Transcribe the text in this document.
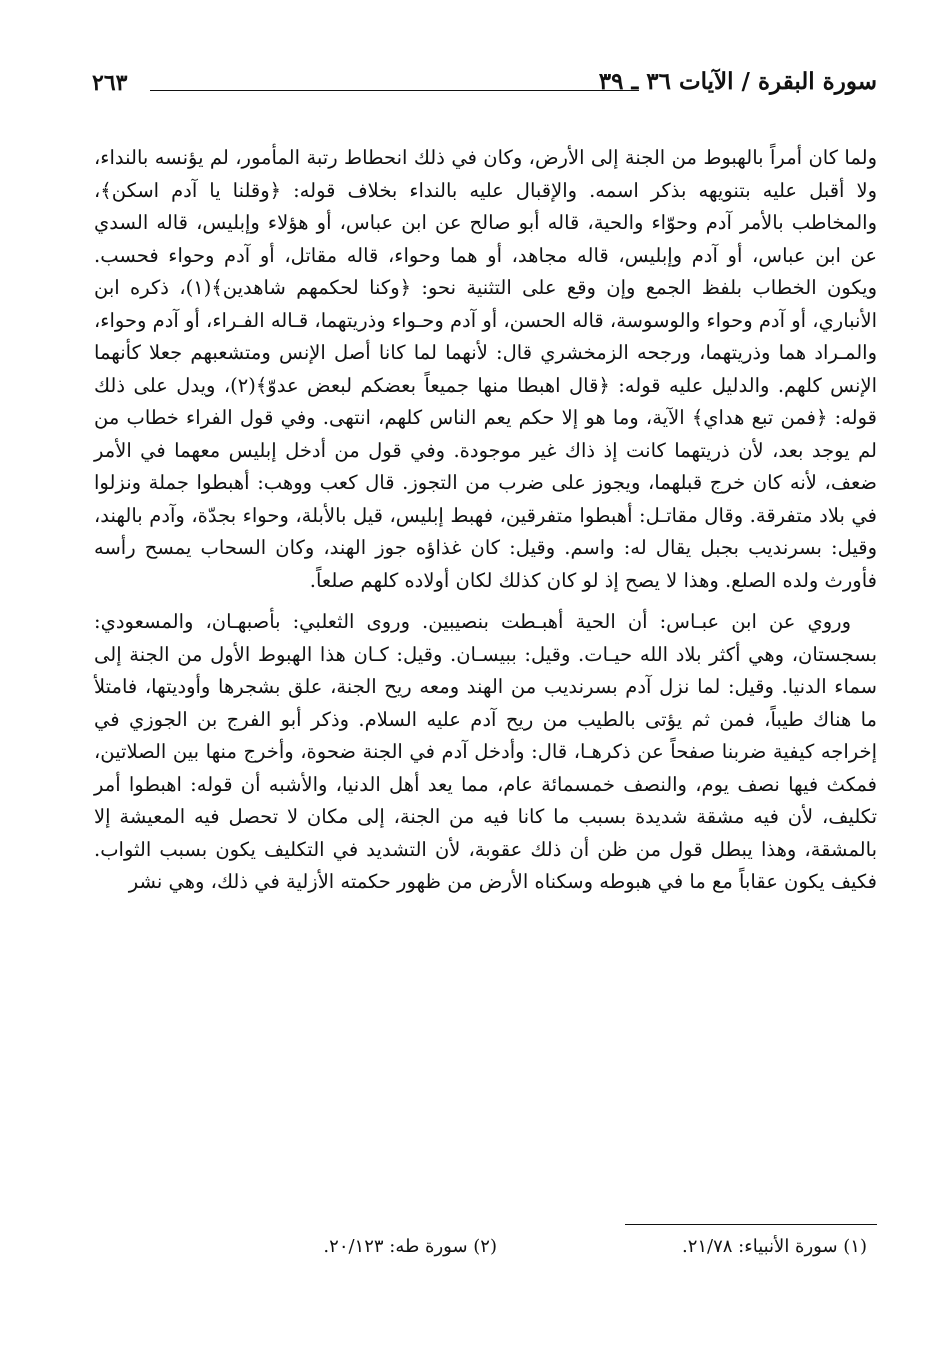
سورة البقرة / الآيات ٣٦ ـ ٣٩
٢٦٣

ولما كان أمراً بالهبوط من الجنة إلى الأرض، وكان في ذلك انحطاط رتبة المأمور، لم يؤنسه بالنداء، ولا أقبل عليه بتنويهه بذكر اسمه. والإقبال عليه بالنداء بخلاف قوله: ﴿وقلنا يا آدم اسكن﴾، والمخاطب بالأمر آدم وحوّاء والحية، قاله أبو صالح عن ابن عباس، أو هؤلاء وإبليس، قاله السدي عن ابن عباس، أو آدم وإبليس، قاله مجاهد، أو هما وحواء، قاله مقاتل، أو آدم وحواء فحسب. ويكون الخطاب بلفظ الجمع وإن وقع على التثنية نحو: ﴿وكنا لحكمهم شاهدين﴾(١)، ذكره ابن الأنباري، أو آدم وحواء والوسوسة، قاله الحسن، أو آدم وحـواء وذريتهما، قـاله الفـراء، أو آدم وحواء، والمـراد هما وذريتهما، ورجحه الزمخشري قال: لأنهما لما كانا أصل الإنس ومتشعبهم جعلا كأنهما الإنس كلهم. والدليل عليه قوله: ﴿قال اهبطا منها جميعاً بعضكم لبعض عدوّ﴾(٢)، ويدل على ذلك قوله: ﴿فمن تبع هداي﴾ الآية، وما هو إلا حكم يعم الناس كلهم، انتهى. وفي قول الفراء خطاب من لم يوجد بعد، لأن ذريتهما كانت إذ ذاك غير موجودة. وفي قول من أدخل إبليس معهما في الأمر ضعف، لأنه كان خرج قبلهما، ويجوز على ضرب من التجوز. قال كعب ووهب: أهبطوا جملة ونزلوا في بلاد متفرقة. وقال مقاتـل: أهبطوا متفرقين، فهبط إبليس، قيل بالأبلة، وحواء بجدّة، وآدم بالهند، وقيل: بسرنديب بجبل يقال له: واسم. وقيل: كان غذاؤه جوز الهند، وكان السحاب يمسح رأسه فأورث ولده الصلع. وهذا لا يصح إذ لو كان كذلك لكان أولاده كلهم صلعاً.

وروي عن ابن عبـاس: أن الحية أهبـطت بنصيبين. وروى الثعلبي: بأصبهـان، والمسعودي: بسجستان، وهي أكثر بلاد الله حيـات. وقيل: ببيسـان. وقيل: كـان هذا الهبوط الأول من الجنة إلى سماء الدنيا. وقيل: لما نزل آدم بسرنديب من الهند ومعه ريح الجنة، علق بشجرها وأوديتها، فامتلأ ما هناك طيباً، فمن ثم يؤتى بالطيب من ريح آدم عليه السلام. وذكر أبو الفرج بن الجوزي في إخراجه كيفية ضربنا صفحاً عن ذكرهـا، قال: وأدخل آدم في الجنة ضحوة، وأخرج منها بين الصلاتين، فمكث فيها نصف يوم، والنصف خمسمائة عام، مما يعد أهل الدنيا، والأشبه أن قوله: اهبطوا أمر تكليف، لأن فيه مشقة شديدة بسبب ما كانا فيه من الجنة، إلى مكان لا تحصل فيه المعيشة إلا بالمشقة، وهذا يبطل قول من ظن أن ذلك عقوبة، لأن التشديد في التكليف يكون بسبب الثواب. فكيف يكون عقاباً مع ما في هبوطه وسكناه الأرض من ظهور حكمته الأزلية في ذلك، وهي نشر

(١) سورة الأنبياء: ٢١/٧٨.
(٢) سورة طه: ٢٠/١٢٣.
